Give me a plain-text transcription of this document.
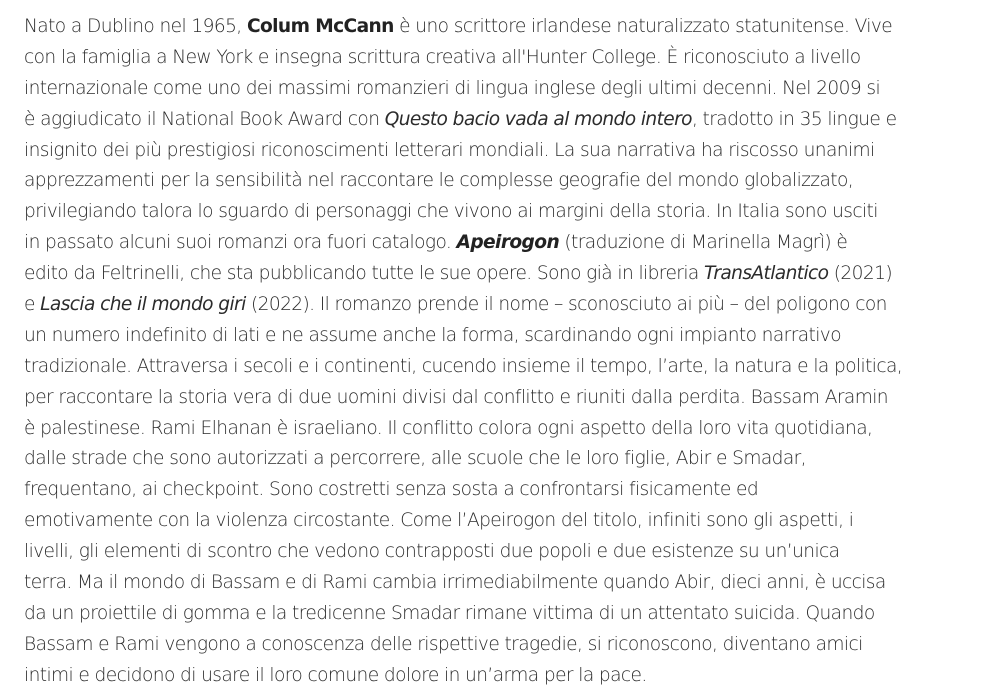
Nato a Dublino nel 1965, Colum McCann è uno scrittore irlandese naturalizzato statunitense. Vive
con la famiglia a New York e insegna scrittura creativa all'Hunter College. È riconosciuto a livello
internazionale come uno dei massimi romanzieri di lingua inglese degli ultimi decenni. Nel 2009 si
è aggiudicato il National Book Award con Questo bacio vada al mondo intero, tradotto in 35 lingue e
insignito dei più prestigiosi riconoscimenti letterari mondiali. La sua narrativa ha riscosso unanimi
apprezzamenti per la sensibilità nel raccontare le complesse geografie del mondo globalizzato,
privilegiando talora lo sguardo di personaggi che vivono ai margini della storia. In Italia sono usciti
in passato alcuni suoi romanzi ora fuori catalogo. Apeirogon (traduzione di Marinella Magrì) è
edito da Feltrinelli, che sta pubblicando tutte le sue opere. Sono già in libreria TransAtlantico (2021)
e Lascia che il mondo giri (2022). Il romanzo prende il nome – sconosciuto ai più – del poligono con
un numero indefinito di lati e ne assume anche la forma, scardinando ogni impianto narrativo
tradizionale. Attraversa i secoli e i continenti, cucendo insieme il tempo, l’arte, la natura e la politica,
per raccontare la storia vera di due uomini divisi dal conflitto e riuniti dalla perdita. Bassam Aramin
è palestinese. Rami Elhanan è israeliano. Il conflitto colora ogni aspetto della loro vita quotidiana,
dalle strade che sono autorizzati a percorrere, alle scuole che le loro figlie, Abir e Smadar,
frequentano, ai checkpoint. Sono costretti senza sosta a confrontarsi fisicamente ed
emotivamente con la violenza circostante. Come l’Apeirogon del titolo, infiniti sono gli aspetti, i
livelli, gli elementi di scontro che vedono contrapposti due popoli e due esistenze su un’unica
terra. Ma il mondo di Bassam e di Rami cambia irrimediabilmente quando Abir, dieci anni, è uccisa
da un proiettile di gomma e la tredicenne Smadar rimane vittima di un attentato suicida. Quando
Bassam e Rami vengono a conoscenza delle rispettive tragedie, si riconoscono, diventano amici
intimi e decidono di usare il loro comune dolore in un’arma per la pace.
